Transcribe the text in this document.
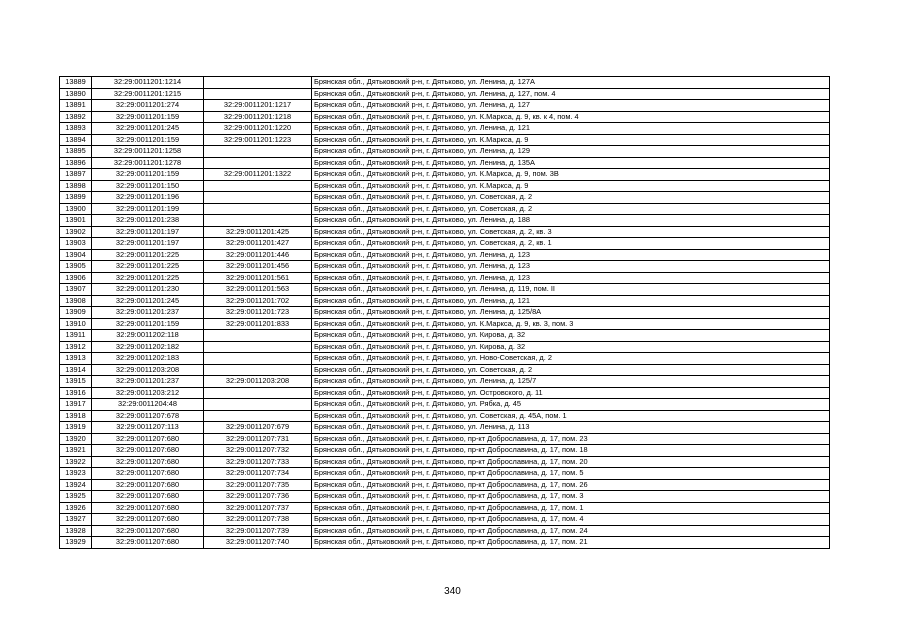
13889	32:29:0011201:1214		Брянская обл., Дятьковский р-н, г. Дятьково, ул. Ленина, д. 127А
13890	32:29:0011201:1215		Брянская обл., Дятьковский р-н, г. Дятьково, ул. Ленина, д. 127, пом. 4
13891	32:29:0011201:274	32:29:0011201:1217	Брянская обл., Дятьковский р-н, г. Дятьково, ул. Ленина, д. 127
13892	32:29:0011201:159	32:29:0011201:1218	Брянская обл., Дятьковский р-н, г. Дятьково, ул. К.Маркса, д. 9, кв. к 4, пом. 4
13893	32:29:0011201:245	32:29:0011201:1220	Брянская обл., Дятьковский р-н, г. Дятьково, ул. Ленина, д. 121
13894	32:29:0011201:159	32:29:0011201:1223	Брянская обл., Дятьковский р-н, г. Дятьково, ул. К.Маркса, д. 9
13895	32:29:0011201:1258		Брянская обл., Дятьковский р-н, г. Дятьково, ул. Ленина, д. 129
13896	32:29:0011201:1278		Брянская обл., Дятьковский р-н, г. Дятьково, ул. Ленина, д. 135А
13897	32:29:0011201:159	32:29:0011201:1322	Брянская обл., Дятьковский р-н, г. Дятьково, ул. К.Маркса, д. 9, пом. 3В
13898	32:29:0011201:150		Брянская обл., Дятьковский р-н, г. Дятьково, ул. К.Маркса, д. 9
13899	32:29:0011201:196		Брянская обл., Дятьковский р-н, г. Дятьково, ул. Советская, д. 2
13900	32:29:0011201:199		Брянская обл., Дятьковский р-н, г. Дятьково, ул. Советская, д. 2
13901	32:29:0011201:238		Брянская обл., Дятьковский р-н, г. Дятьково, ул. Ленина, д. 188
13902	32:29:0011201:197	32:29:0011201:425	Брянская обл., Дятьковский р-н, г. Дятьково, ул. Советская, д. 2, кв. 3
13903	32:29:0011201:197	32:29:0011201:427	Брянская обл., Дятьковский р-н, г. Дятьково, ул. Советская, д. 2, кв. 1
13904	32:29:0011201:225	32:29:0011201:446	Брянская обл., Дятьковский р-н, г. Дятьково, ул. Ленина, д. 123
13905	32:29:0011201:225	32:29:0011201:456	Брянская обл., Дятьковский р-н, г. Дятьково, ул. Ленина, д. 123
13906	32:29:0011201:225	32:29:0011201:561	Брянская обл., Дятьковский р-н, г. Дятьково, ул. Ленина, д. 123
13907	32:29:0011201:230	32:29:0011201:563	Брянская обл., Дятьковский р-н, г. Дятьково, ул. Ленина, д. 119, пом. II
13908	32:29:0011201:245	32:29:0011201:702	Брянская обл., Дятьковский р-н, г. Дятьково, ул. Ленина, д. 121
13909	32:29:0011201:237	32:29:0011201:723	Брянская обл., Дятьковский р-н, г. Дятьково, ул. Ленина, д. 125/8А
13910	32:29:0011201:159	32:29:0011201:833	Брянская обл., Дятьковский р-н, г. Дятьково, ул. К.Маркса, д. 9, кв. 3, пом. 3
13911	32:29:0011202:118		Брянская обл., Дятьковский р-н, г. Дятьково, ул. Кирова, д. 32
13912	32:29:0011202:182		Брянская обл., Дятьковский р-н, г. Дятьково, ул. Кирова, д. 32
13913	32:29:0011202:183		Брянская обл., Дятьковский р-н, г. Дятьково, ул. Ново-Советская, д. 2
13914	32:29:0011203:208		Брянская обл., Дятьковский р-н, г. Дятьково, ул. Советская, д. 2
13915	32:29:0011201:237	32:29:0011203:208	Брянская обл., Дятьковский р-н, г. Дятьково, ул. Ленина, д. 125/7
13916	32:29:0011203:212		Брянская обл., Дятьковский р-н, г. Дятьково, ул. Островского, д. 11
13917	32:29:0011204:48		Брянская обл., Дятьковский р-н, г. Дятьково, ул. Рябка, д. 45
13918	32:29:0011207:678		Брянская обл., Дятьковский р-н, г. Дятьково, ул. Советская, д. 45А, пом. 1
13919	32:29:0011207:113	32:29:0011207:679	Брянская обл., Дятьковский р-н, г. Дятьково, ул. Ленина, д. 113
13920	32:29:0011207:680	32:29:0011207:731	Брянская обл., Дятьковский р-н, г. Дятьково, пр-кт Доброславина, д. 17, пом. 23
13921	32:29:0011207:680	32:29:0011207:732	Брянская обл., Дятьковский р-н, г. Дятьково, пр-кт Доброславина, д. 17, пом. 18
13922	32:29:0011207:680	32:29:0011207:733	Брянская обл., Дятьковский р-н, г. Дятьково, пр-кт Доброславина, д. 17, пом. 20
13923	32:29:0011207:680	32:29:0011207:734	Брянская обл., Дятьковский р-н, г. Дятьково, пр-кт Доброславина, д. 17, пом. 5
13924	32:29:0011207:680	32:29:0011207:735	Брянская обл., Дятьковский р-н, г. Дятьково, пр-кт Доброславина, д. 17, пом. 26
13925	32:29:0011207:680	32:29:0011207:736	Брянская обл., Дятьковский р-н, г. Дятьково, пр-кт Доброславина, д. 17, пом. 3
13926	32:29:0011207:680	32:29:0011207:737	Брянская обл., Дятьковский р-н, г. Дятьково, пр-кт Доброславина, д. 17, пом. 1
13927	32:29:0011207:680	32:29:0011207:738	Брянская обл., Дятьковский р-н, г. Дятьково, пр-кт Доброславина, д. 17, пом. 4
13928	32:29:0011207:680	32:29:0011207:739	Брянская обл., Дятьковский р-н, г. Дятьково, пр-кт Доброславина, д. 17, пом. 24
13929	32:29:0011207:680	32:29:0011207:740	Брянская обл., Дятьковский р-н, г. Дятьково, пр-кт Доброславина, д. 17, пом. 21
340
